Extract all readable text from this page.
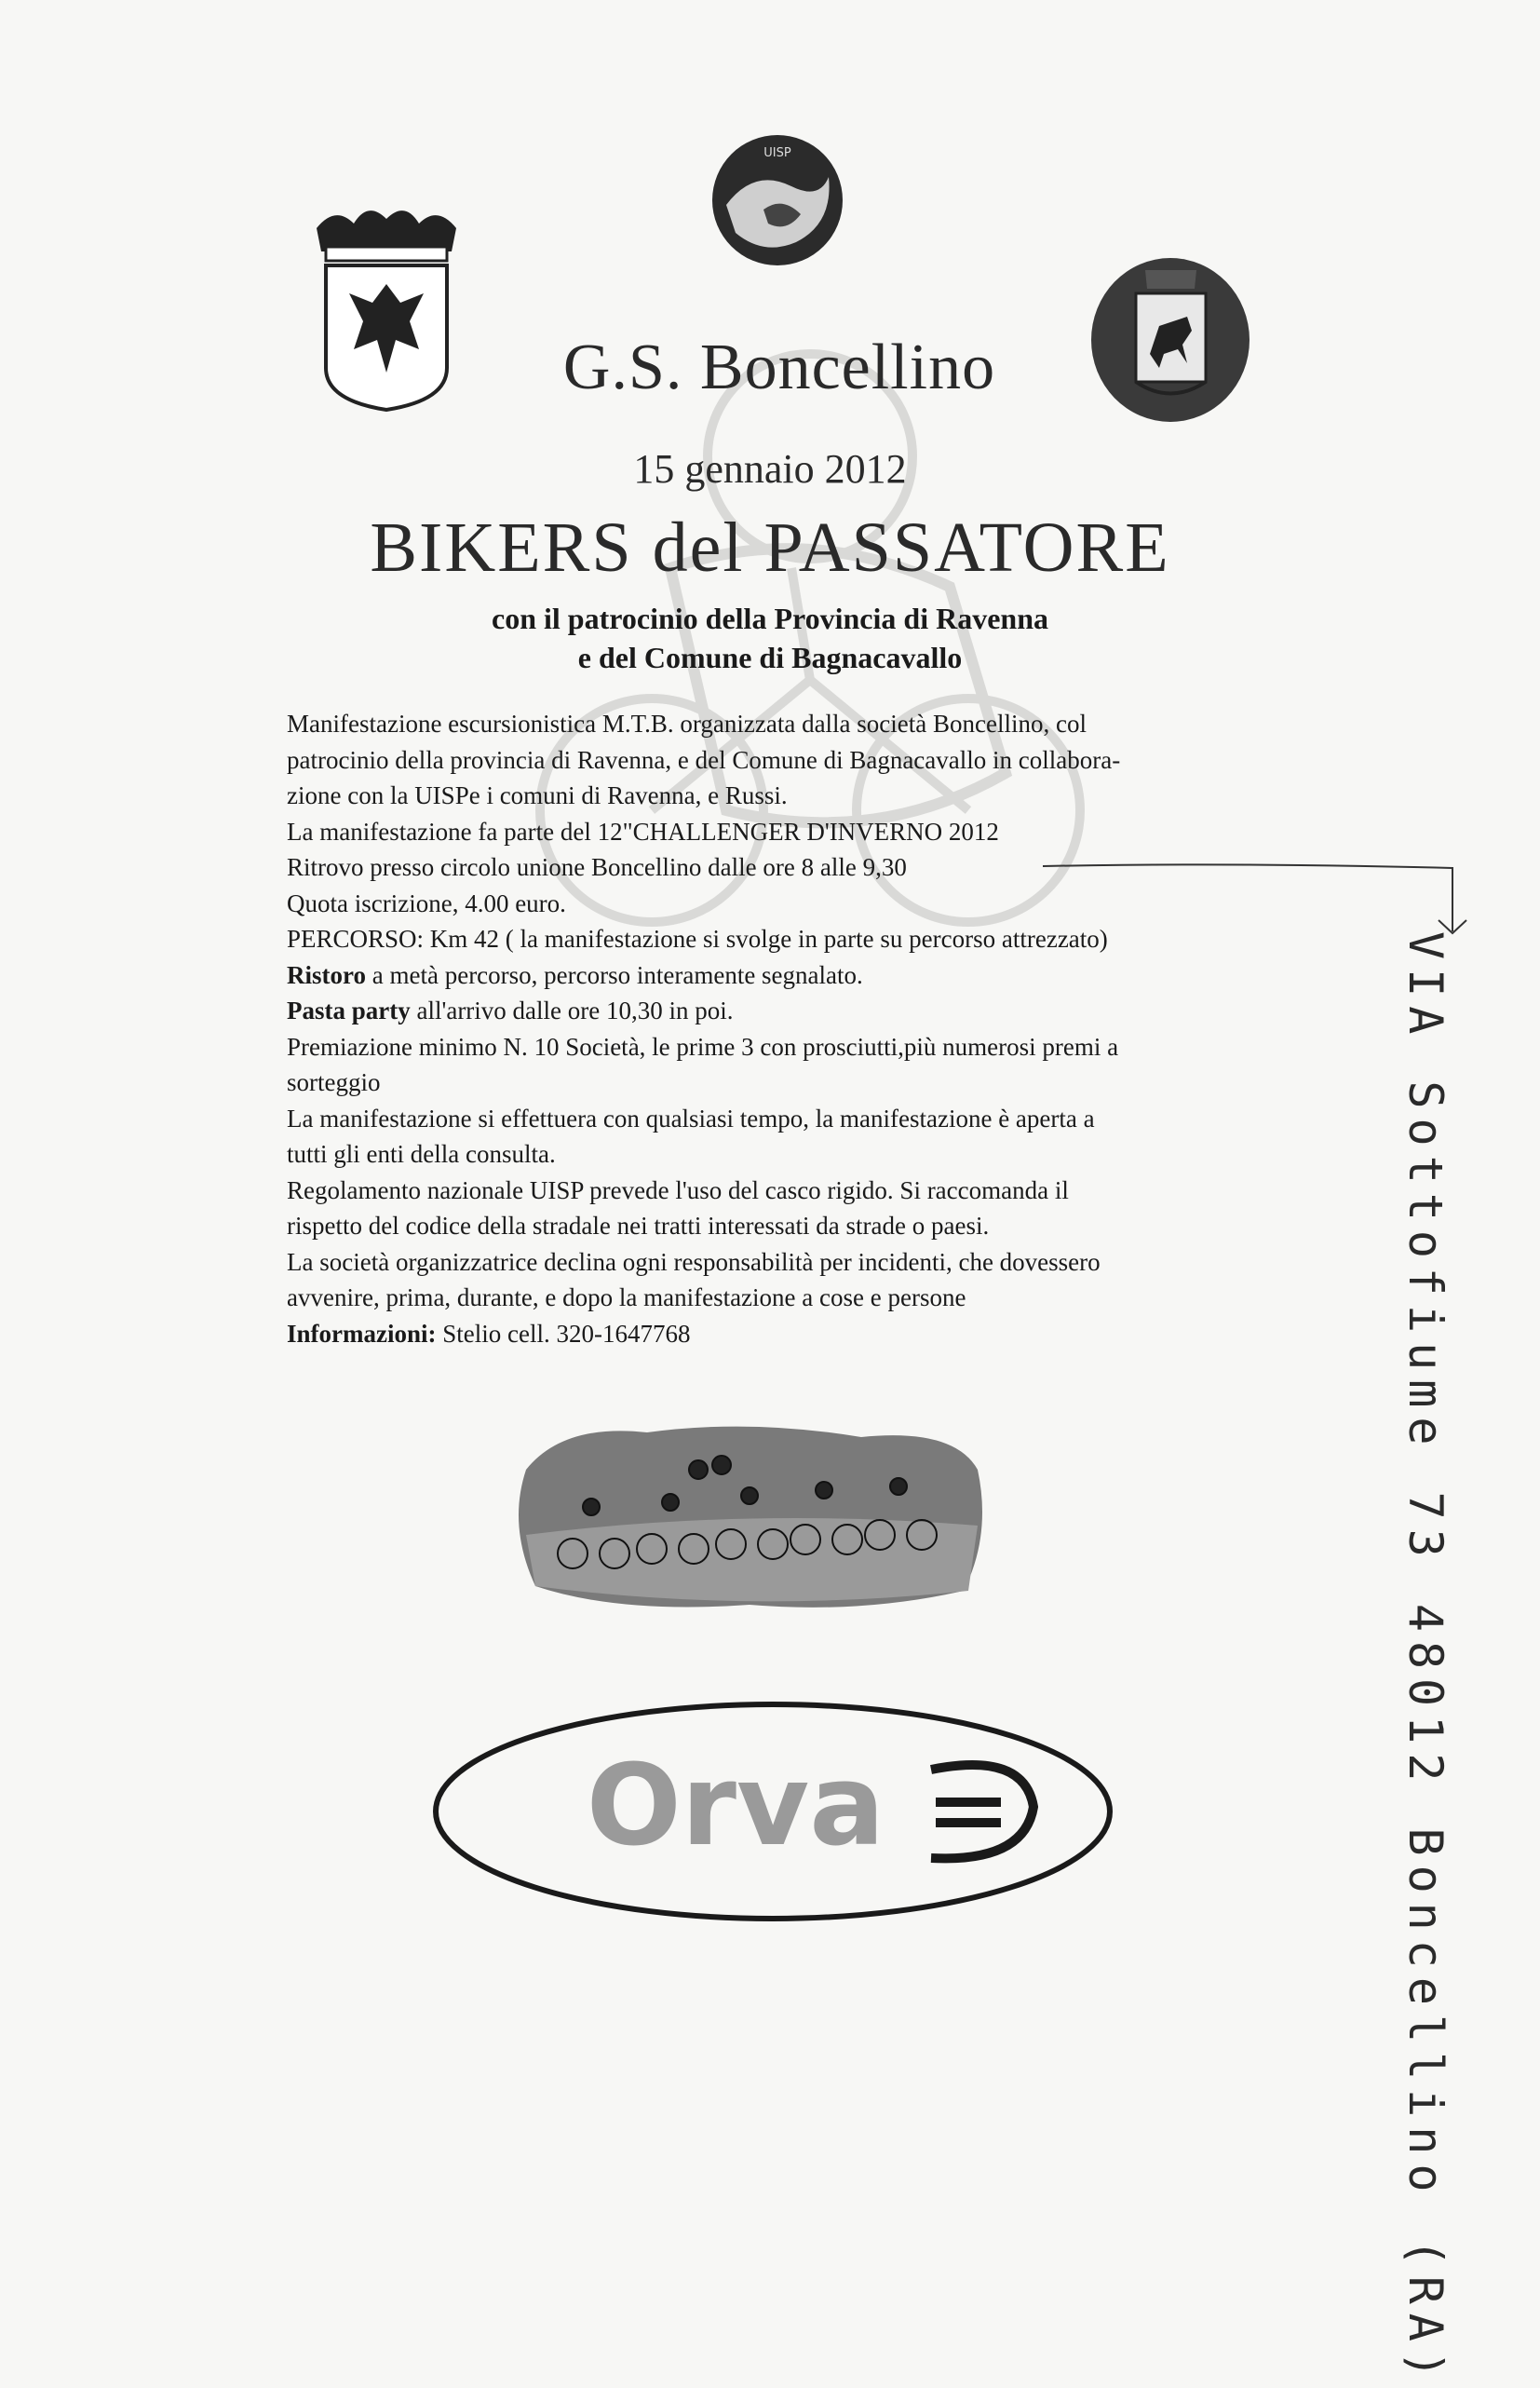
UISP
G.S. Boncellino
15 gennaio 2012
BIKERS del PASSATORE
con il patrocinio della Provincia di Ravenna
e del Comune di Bagnacavallo

Manifestazione escursionistica M.T.B. organizzata dalla società Boncellino, col

patrocinio della provincia di Ravenna, e del Comune di Bagnacavallo in collabora-

zione con la UISPe i comuni di Ravenna, e Russi.

La manifestazione fa parte del 12"CHALLENGER D'INVERNO 2012

Ritrovo presso circolo unione Boncellino dalle ore 8 alle 9,30

Quota iscrizione, 4.00 euro.

PERCORSO: Km 42 ( la manifestazione si svolge in parte su percorso attrezzato)

Ristoro a metà percorso, percorso interamente segnalato.

Pasta party all'arrivo dalle ore 10,30 in poi.

Premiazione minimo N. 10 Società, le prime 3 con prosciutti,più numerosi premi a

sorteggio

La manifestazione si effettuera con qualsiasi tempo, la manifestazione è aperta a

tutti gli enti della consulta.

Regolamento nazionale UISP prevede l'uso del casco rigido. Si raccomanda il

rispetto del codice della stradale nei tratti interessati da strade o paesi.

La società organizzatrice declina ogni responsabilità per incidenti, che dovessero

avvenire, prima, durante, e dopo la manifestazione a cose e persone

Informazioni: Stelio cell. 320-1647768	VIA Sottofiume 73 48012 Boncellino (RA)
Orva
